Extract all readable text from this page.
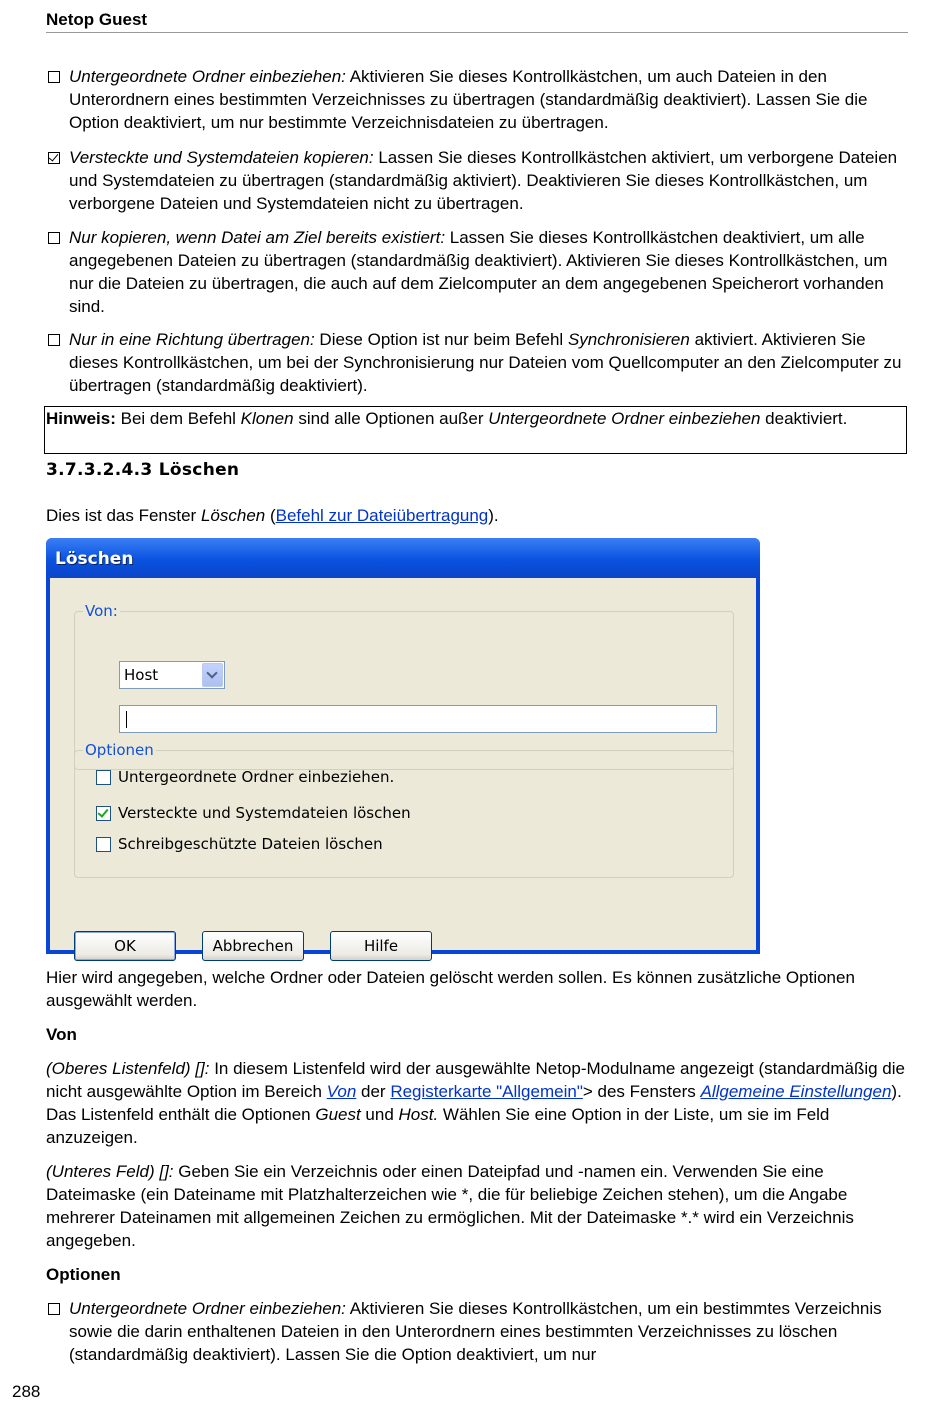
Netop Guest
Untergeordnete Ordner einbeziehen: Aktivieren Sie dieses Kontrollkästchen, um auch Dateien in den Unterordnern eines bestimmten Verzeichnisses zu übertragen (standardmäßig deaktiviert). Lassen Sie die Option deaktiviert, um nur bestimmte Verzeichnisdateien zu übertragen.
Versteckte und Systemdateien kopieren: Lassen Sie dieses Kontrollkästchen aktiviert, um verborgene Dateien und Systemdateien zu übertragen (standardmäßig aktiviert). Deaktivieren Sie dieses Kontrollkästchen, um verborgene Dateien und Systemdateien nicht zu übertragen.
Nur kopieren, wenn Datei am Ziel bereits existiert: Lassen Sie dieses Kontrollkästchen deaktiviert, um alle angegebenen Dateien zu übertragen (standardmäßig deaktiviert). Aktivieren Sie dieses Kontrollkästchen, um nur die Dateien zu übertragen, die auch auf dem Zielcomputer an dem angegebenen Speicherort vorhanden sind.
Nur in eine Richtung übertragen: Diese Option ist nur beim Befehl Synchronisieren aktiviert. Aktivieren Sie dieses Kontrollkästchen, um bei der Synchronisierung nur Dateien vom Quellcomputer an den Zielcomputer zu übertragen (standardmäßig deaktiviert).
Hinweis: Bei dem Befehl Klonen sind alle Optionen außer Untergeordnete Ordner einbeziehen deaktiviert.
3.7.3.2.4.3 Löschen
Dies ist das Fenster Löschen (Befehl zur Dateiübertragung).
Löschen
Von:
Host
Optionen
Untergeordnete Ordner einbeziehen.
Versteckte und Systemdateien löschen
Schreibgeschützte Dateien löschen
OK	Abbrechen	Hilfe
Hier wird angegeben, welche Ordner oder Dateien gelöscht werden sollen. Es können zusätzliche Optionen ausgewählt werden.
Von
(Oberes Listenfeld) []: In diesem Listenfeld wird der ausgewählte Netop-Modulname angezeigt (standardmäßig die nicht ausgewählte Option im Bereich Von der Registerkarte "Allgemein"> des Fensters Allgemeine Einstellungen). Das Listenfeld enthält die Optionen Guest und Host. Wählen Sie eine Option in der Liste, um sie im Feld anzuzeigen.
(Unteres Feld) []: Geben Sie ein Verzeichnis oder einen Dateipfad und -namen ein. Verwenden Sie eine Dateimaske (ein Dateiname mit Platzhalterzeichen wie *, die für beliebige Zeichen stehen), um die Angabe mehrerer Dateinamen mit allgemeinen Zeichen zu ermöglichen. Mit der Dateimaske *.* wird ein Verzeichnis angegeben.
Optionen
Untergeordnete Ordner einbeziehen: Aktivieren Sie dieses Kontrollkästchen, um ein bestimmtes Verzeichnis sowie die darin enthaltenen Dateien in den Unterordnern eines bestimmten Verzeichnisses zu löschen (standardmäßig deaktiviert). Lassen Sie die Option deaktiviert, um nur
288
